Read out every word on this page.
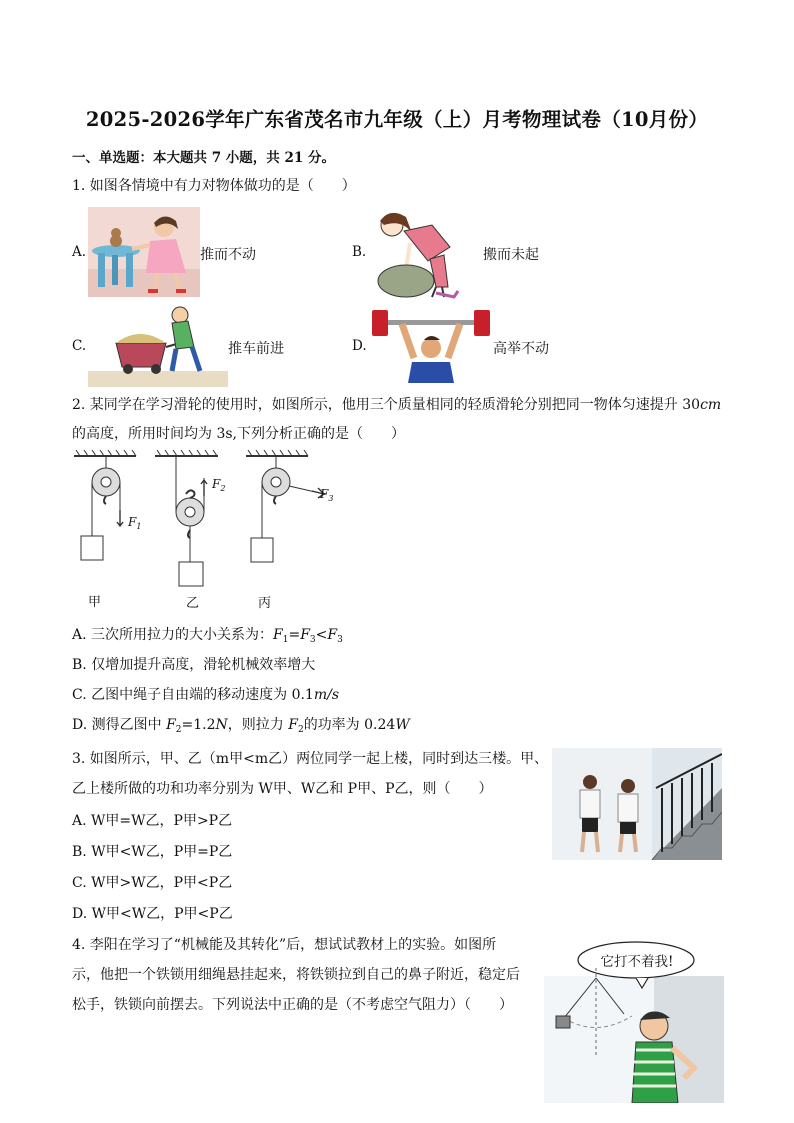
2025-2026学年广东省茂名市九年级（上）月考物理试卷（10月份）
一、单选题：本大题共 7 小题，共 21 分。
1. 如图各情境中有力对物体做功的是（　　）
A.	推而不动	B.	搬而未起
C.	推车前进	D.	高举不动
2. 某同学在学习滑轮的使用时，如图所示，他用三个质量相同的轻质滑轮分别把同一物体匀速提升 30cm
的高度，所用时间均为 3s,下列分析正确的是（　　）
$F_1$
$F_2$	$F_3$
甲	乙	丙
A. 三次所用拉力的大小关系为：$F_1=F_3<F_3$
B. 仅增加提升高度，滑轮机械效率增大
C. 乙图中绳子自由端的移动速度为 0.1m/s
D. 测得乙图中 $F_2=1.2N$，则拉力 $F_2$的功率为 0.24W
3. 如图所示，甲、乙（m甲<m乙）两位同学一起上楼，同时到达三楼。甲、
乙上楼所做的功和功率分别为 W甲、W乙和 P甲、P乙，则（　　）
A. W甲=W乙，P甲>P乙
B. W甲<W乙，P甲=P乙
C. W甲>W乙，P甲<P乙
D. W甲<W乙，P甲<P乙
4. 李阳在学习了“机械能及其转化”后，想试试教材上的实验。如图所
示，他把一个铁锁用细绳悬挂起来，将铁锁拉到自己的鼻子附近，稳定后
松手，铁锁向前摆去。下列说法中正确的是（不考虑空气阻力）（　　）
它打不着我!
